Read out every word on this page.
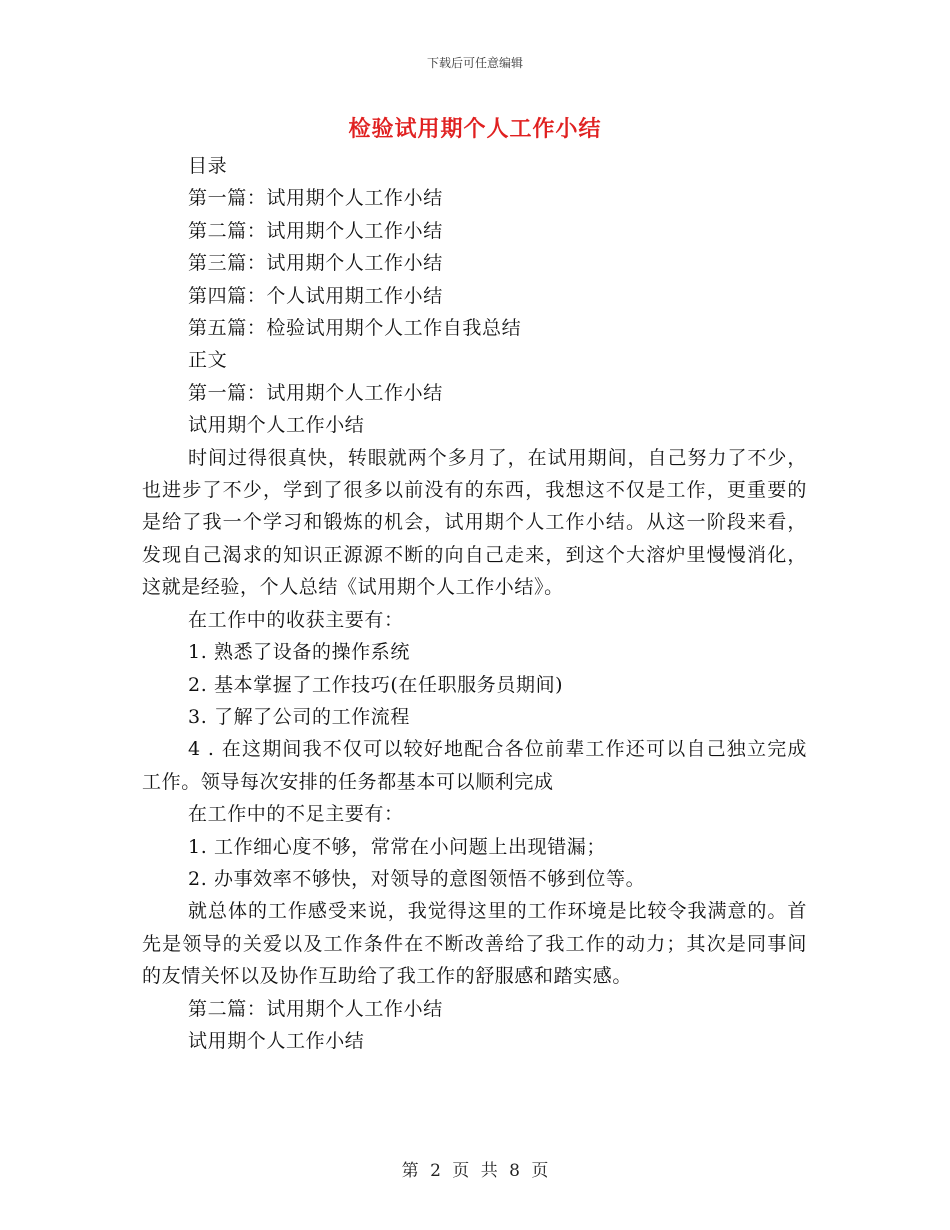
下载后可任意编辑
检验试用期个人工作小结

目录

第一篇：试用期个人工作小结

第二篇：试用期个人工作小结

第三篇：试用期个人工作小结

第四篇：个人试用期工作小结

第五篇：检验试用期个人工作自我总结

正文

第一篇：试用期个人工作小结

试用期个人工作小结

时间过得很真快，转眼就两个多月了，在试用期间，自己努力了不少，也进步了不少，学到了很多以前没有的东西，我想这不仅是工作，更重要的是给了我一个学习和锻炼的机会，试用期个人工作小结。从这一阶段来看，发现自己渴求的知识正源源不断的向自己走来，到这个大溶炉里慢慢消化，这就是经验，个人总结《试用期个人工作小结》。

在工作中的收获主要有：

1. 熟悉了设备的操作系统

2. 基本掌握了工作技巧(在任职服务员期间)

3. 了解了公司的工作流程

4 . 在这期间我不仅可以较好地配合各位前辈工作还可以自己独立完成工作。领导每次安排的任务都基本可以顺利完成

在工作中的不足主要有：

1. 工作细心度不够，常常在小问题上出现错漏；

2. 办事效率不够快，对领导的意图领悟不够到位等。

就总体的工作感受来说，我觉得这里的工作环境是比较令我满意的。首先是领导的关爱以及工作条件在不断改善给了我工作的动力；其次是同事间的友情关怀以及协作互助给了我工作的舒服感和踏实感。

第二篇：试用期个人工作小结

试用期个人工作小结

第 2 页 共 8 页
